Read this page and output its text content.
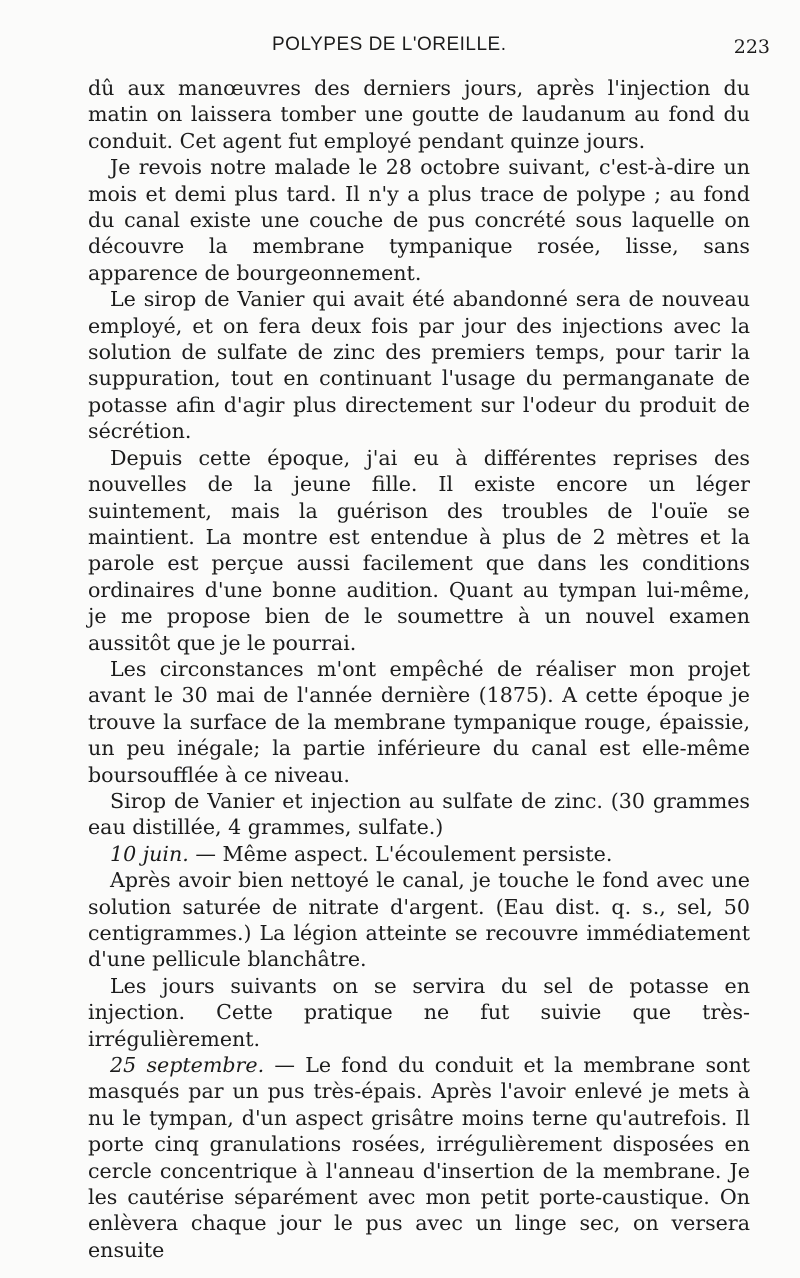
POLYPES DE L'OREILLE.	223

dû aux manœuvres des derniers jours, après l'injection du matin on laissera tomber une goutte de laudanum au fond du conduit. Cet agent fut employé pendant quinze jours.

Je revois notre malade le 28 octobre suivant, c'est-à-dire un mois et demi plus tard. Il n'y a plus trace de polype ; au fond du canal existe une couche de pus concrété sous laquelle on découvre la membrane tympanique rosée, lisse, sans apparence de bourgeonnement.

Le sirop de Vanier qui avait été abandonné sera de nouveau employé, et on fera deux fois par jour des injections avec la solution de sulfate de zinc des premiers temps, pour tarir la suppuration, tout en continuant l'usage du permanganate de potasse afin d'agir plus directement sur l'odeur du produit de sécrétion.

Depuis cette époque, j'ai eu à différentes reprises des nouvelles de la jeune fille. Il existe encore un léger suintement, mais la guérison des troubles de l'ouïe se maintient. La montre est entendue à plus de 2 mètres et la parole est perçue aussi facilement que dans les conditions ordinaires d'une bonne audition. Quant au tympan lui-même, je me propose bien de le soumettre à un nouvel examen aussitôt que je le pourrai.

Les circonstances m'ont empêché de réaliser mon projet avant le 30 mai de l'année dernière (1875). A cette époque je trouve la surface de la membrane tympanique rouge, épaissie, un peu inégale; la partie inférieure du canal est elle-même boursoufflée à ce niveau.

Sirop de Vanier et injection au sulfate de zinc. (30 grammes eau distillée, 4 grammes, sulfate.)

10 juin. — Même aspect. L'écoulement persiste.

Après avoir bien nettoyé le canal, je touche le fond avec une solution saturée de nitrate d'argent. (Eau dist. q. s., sel, 50 centigrammes.) La légion atteinte se recouvre immédiatement d'une pellicule blanchâtre.

Les jours suivants on se servira du sel de potasse en injection. Cette pratique ne fut suivie que très-irrégulièrement.

25 septembre. — Le fond du conduit et la membrane sont masqués par un pus très-épais. Après l'avoir enlevé je mets à nu le tympan, d'un aspect grisâtre moins terne qu'autrefois. Il porte cinq granulations rosées, irrégulièrement disposées en cercle concentrique à l'anneau d'insertion de la membrane. Je les cautérise séparément avec mon petit porte-caustique. On enlèvera chaque jour le pus avec un linge sec, on versera ensuite
